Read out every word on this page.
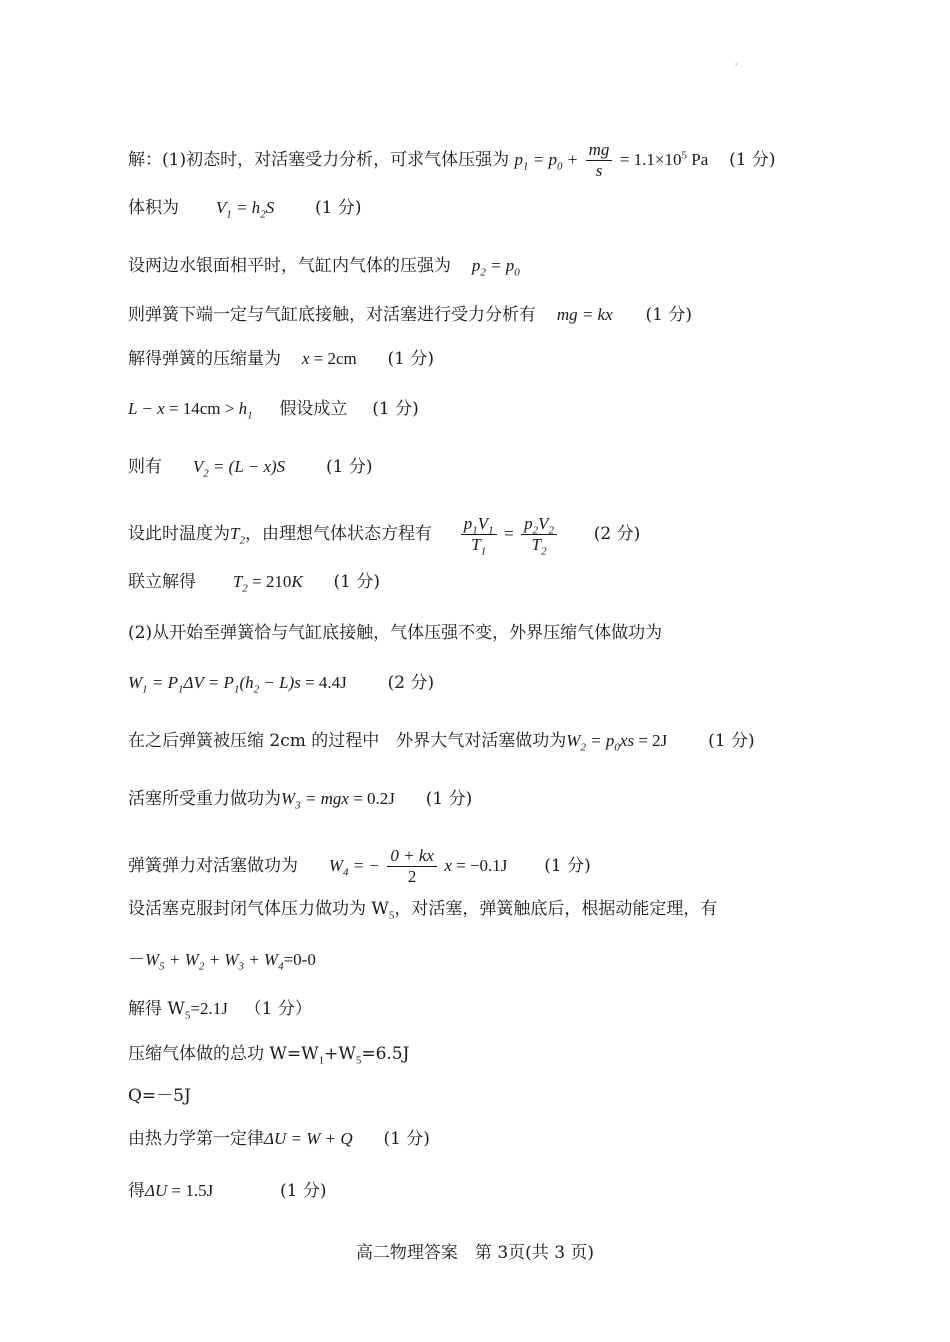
'
解：(1)初态时，对活塞受力分析，可求气体压强为 $p_1 = p_0 + \frac{mg}{s} = 1.1\times 10^5$ Pa (1 分)
体积为 $V_1 = h_2S$ (1 分)
设两边水银面相平时，气缸内气体的压强为 $p_2 = p_0$
则弹簧下端一定与气缸底接触，对活塞进行受力分析有 mg = kx (1 分)
解得弹簧的压缩量为 x = 2cm (1 分)
$L - x = 14cm > h_1$ 假设成立 (1 分)
则有 $V_2 = (L - x)S$ (1 分)
设此时温度为$T_2$，由理想气体状态方程有 $\frac{p_1V_1}{T_1} = \frac{p_2V_2}{T_2} (2$ 分)
联立解得 $T_2 = 210K$ (1 分)
(2)从开始至弹簧恰与气缸底接触，气体压强不变，外界压缩气体做功为
$W_1 = P_1\Delta V = P_1(h_2 - L)s = 4.4J$ (2 分)
在之后弹簧被压缩 2cm 的过程中　外界大气对活塞做功为$W_2 = p_0xs = 2J$ (1 分)
活塞所受重力做功为$W_3$ = mgx = 0.2J (1 分)
弹簧弹力对活塞做功为 $W_4$ = − $\frac{0 + kx}{2}$ x = −0.1J (1 分)
设活塞克服封闭气体压力做功为 $W_5$，对活塞，弹簧触底后，根据动能定理，有
$-W_5 + W_2 + W_3 + W_4=0-0$
解得 $W_5=2.1J$ （1 分）
压缩气体做的总功 $W=W_1+W_5=6.5J$
Q=－5J
由热力学第一定律ΔU = W + Q (1 分)
得ΔU = 1.5J	(1 分)
高二物理答案　第 3页(共 3 页)
